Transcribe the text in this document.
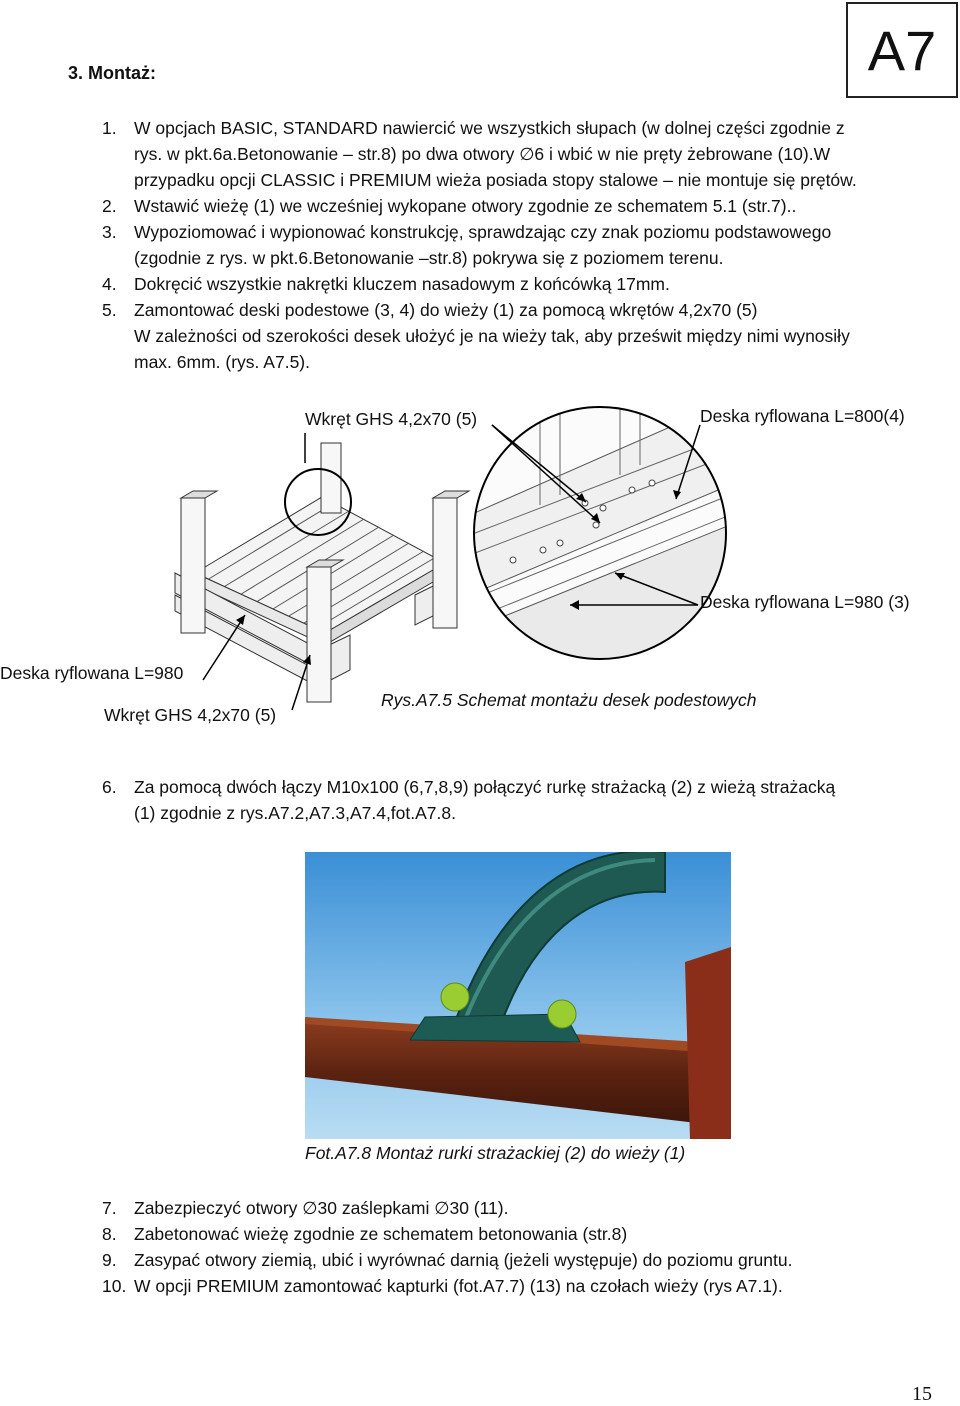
A7
3. Montaż:
1. W opcjach BASIC, STANDARD nawiercić we wszystkich słupach (w dolnej części zgodnie z
rys. w pkt.6a.Betonowanie – str.8) po dwa otwory ∅6 i wbić w nie pręty żebrowane (10).W
przypadku opcji CLASSIC i PREMIUM wieża posiada stopy stalowe – nie montuje się prętów.
2. Wstawić wieżę (1) we wcześniej wykopane otwory zgodnie ze schematem 5.1 (str.7)..
3. Wypoziomować i wypionować konstrukcję, sprawdzając czy znak poziomu podstawowego
(zgodnie z rys. w pkt.6.Betonowanie –str.8) pokrywa się z poziomem terenu.
4. Dokręcić wszystkie nakrętki kluczem nasadowym z końcówką 17mm.
5. Zamontować deski podestowe (3, 4) do wieży (1) za pomocą wkrętów 4,2x70 (5)
W zależności od szerokości desek ułożyć je na wieży tak, aby prześwit między nimi wynosiły
max. 6mm. (rys. A7.5).
Wkręt GHS 4,2x70 (5)	Deska ryflowana L=800(4)
Deska ryflowana L=980 (3)
Deska ryflowana L=980
Wkręt GHS 4,2x70 (5)
Rys.A7.5 Schemat montażu desek podestowych
6. Za pomocą dwóch łączy M10x100 (6,7,8,9) połączyć rurkę strażacką (2) z wieżą strażacką
(1) zgodnie z rys.A7.2,A7.3,A7.4,fot.A7.8.
Fot.A7.8 Montaż rurki strażackiej (2) do wieży (1)
7. Zabezpieczyć otwory ∅30 zaślepkami ∅30 (11).
8. Zabetonować wieżę zgodnie ze schematem betonowania (str.8)
9. Zasypać otwory ziemią, ubić i wyrównać darnią (jeżeli występuje) do poziomu gruntu.
10. W opcji PREMIUM zamontować kapturki (fot.A7.7) (13) na czołach wieży (rys A7.1).
15
